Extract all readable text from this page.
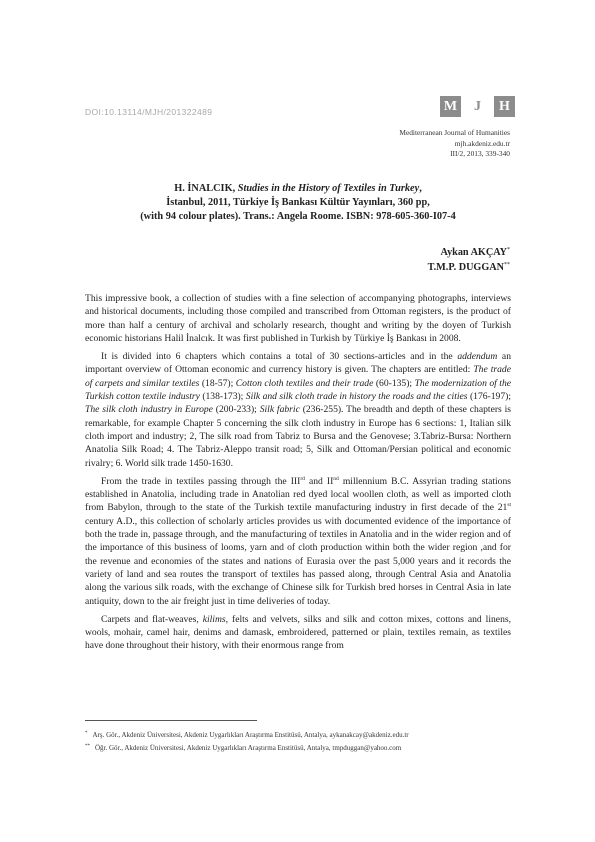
DOI:10.13114/MJH/201322489	M	J	H
Mediterranean Journal of Humanities
mjh.akdeniz.edu.tr
III/2, 2013, 339-340
H. İNALCIK, Studies in the History of Textiles in Turkey,
İstanbul, 2011, Türkiye İş Bankası Kültür Yayınları, 360 pp,
(with 94 colour plates). Trans.: Angela Roome. ISBN: 978-605-360-I07-4
Aykan AKÇAY*
T.M.P. DUGGAN**

This impressive book, a collection of studies with a fine selection of accompanying photographs, interviews and historical documents, including those compiled and transcribed from Ottoman registers, is the product of more than half a century of archival and scholarly research, thought and writing by the doyen of Turkish economic historians Halil İnalcık. It was first published in Turkish by Türkiye İş Bankası in 2008.

It is divided into 6 chapters which contains a total of 30 sections-articles and in the addendum an important overview of Ottoman economic and currency history is given. The chapters are entitled: The trade of carpets and similar textiles (18-57); Cotton cloth textiles and their trade (60-135); The modernization of the Turkish cotton textile industry (138-173); Silk and silk cloth trade in history the roads and the cities (176-197); The silk cloth industry in Europe (200-233); Silk fabric (236-255). The breadth and depth of these chapters is remarkable, for example Chapter 5 concerning the silk cloth industry in Europe has 6 sections: 1, Italian silk cloth import and industry; 2, The silk road from Tabriz to Bursa and the Genovese; 3.Tabriz-Bursa: Northern Anatolia Silk Road; 4. The Tabriz-Aleppo transit road; 5, Silk and Ottoman/Persian political and economic rivalry; 6. World silk trade 1450-1630.

From the trade in textiles passing through the IIIrd and IInd millennium B.C. Assyrian trading stations established in Anatolia, including trade in Anatolian red dyed local woollen cloth, as well as imported cloth from Babylon, through to the state of the Turkish textile manufacturing industry in first decade of the 21st century A.D., this collection of scholarly articles provides us with documented evidence of the importance of both the trade in, passage through, and the manufacturing of textiles in Anatolia and in the wider region and of the importance of this business of looms, yarn and of cloth production within both the wider region ,and for the revenue and economies of the states and nations of Eurasia over the past 5,000 years and it records the variety of land and sea routes the transport of textiles has passed along, through Central Asia and Anatolia along the various silk roads, with the exchange of Chinese silk for Turkish bred horses in Central Asia in late antiquity, down to the air freight just in time deliveries of today.

Carpets and flat-weaves, kilims, felts and velvets, silks and silk and cotton mixes, cottons and linens, wools, mohair, camel hair, denims and damask, embroidered, patterned or plain, textiles remain, as textiles have done throughout their history, with their enormous range from

* Arş. Gör., Akdeniz Üniversitesi, Akdeniz Uygarlıkları Araştırma Enstitüsü, Antalya, aykanakcay@akdeniz.edu.tr
** Öğr. Gör., Akdeniz Üniversitesi, Akdeniz Uygarlıkları Araştırma Enstitüsü, Antalya, tmpduggan@yahoo.com
